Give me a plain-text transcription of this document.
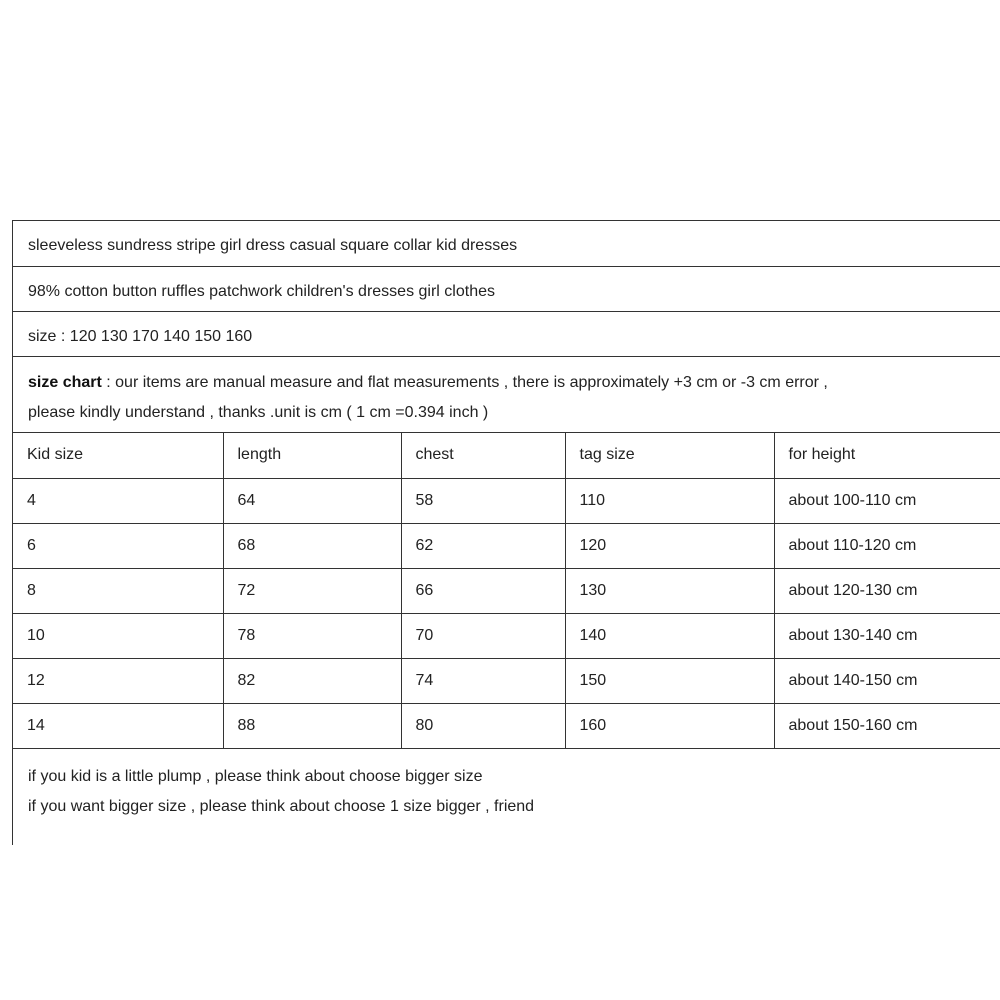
sleeveless sundress stripe girl dress casual square collar kid dresses
98% cotton button ruffles patchwork children's dresses girl clothes
size : 120 130 170 140 150 160
size chart : our items are manual measure and flat measurements , there is approximately +3 cm or -3 cm error ,
please kindly understand , thanks .unit is cm ( 1 cm =0.394 inch )
Kid size	length	chest	tag size	for height
4	64	58	110	about 100-110 cm
6	68	62	120	about 110-120 cm
8	72	66	130	about 120-130 cm
10	78	70	140	about 130-140 cm
12	82	74	150	about 140-150 cm
14	88	80	160	about 150-160 cm
if you kid is a little plump , please think about choose bigger size
if you want bigger size , please think about choose 1 size bigger , friend
